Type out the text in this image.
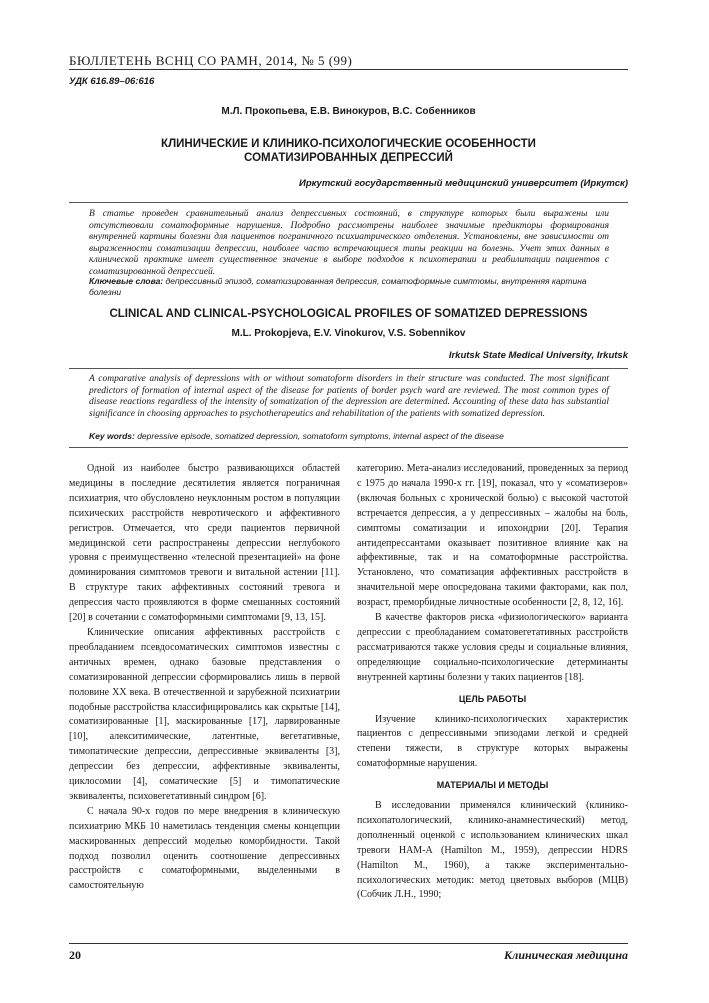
БЮЛЛЕТЕНЬ ВСНЦ СО РАМН, 2014, № 5 (99)
УДК 616.89–06:616
М.Л. Прокопьева, Е.В. Винокуров, В.С. Собенников
КЛИНИЧЕСКИЕ И КЛИНИКО-ПСИХОЛОГИЧЕСКИЕ ОСОБЕННОСТИ
СОМАТИЗИРОВАННЫХ ДЕПРЕССИЙ
Иркутский государственный медицинский университет (Иркутск)
В статье проведен сравнительный анализ депрессивных состояний, в структуре которых были выражены или отсутствовали соматоформные нарушения. Подробно рассмотрены наиболее значимые предикторы формирования внутренней картины болезни для пациентов пограничного психиатрического отделения. Установлены, вне зависимости от выраженности соматизации депрессии, наиболее часто встречающиеся типы реакции на болезнь. Учет этих данных в клинической практике имеет существенное значение в выборе подходов к психотерапии и реабилитации пациентов с соматизированной депрессией.
Ключевые слова: депрессивный эпизод, соматизированная депрессия, соматоформные симптомы, внутренняя картина болезни
CLINICAL AND CLINICAL-PSYCHOLOGICAL PROFILES OF SOMATIZED DEPRESSIONS
M.L. Prokopjeva, E.V. Vinokurov, V.S. Sobennikov
Irkutsk State Medical University, Irkutsk
A comparative analysis of depressions with or without somatoform disorders in their structure was conducted. The most significant predictors of formation of internal aspect of the disease for patients of border psych ward are reviewed. The most common types of disease reactions regardless of the intensity of somatization of the depression are determined. Accounting of these data has substantial significance in choosing approaches to psychotherapeutics and rehabilitation of the patients with somatized depression.
Key words: depressive episode, somatized depression, somatoform symptoms, internal aspect of the disease

Одной из наиболее быстро развивающихся областей медицины в последние десятилетия является пограничная психиатрия, что обусловлено неуклонным ростом в популяции психических расстройств невротического и аффективного регистров. Отмечается, что среди пациентов первичной медицинской сети распространены депрессии неглубокого уровня с преимущественно «телесной презентацией» на фоне доминирования симптомов тревоги и витальной астении [11]. В структуре таких аффективных состояний тревога и депрессия часто проявляются в форме смешанных состояний [20] в сочетании с соматоформными симптомами [9, 13, 15].

Клинические описания аффективных расстройств с преобладанием псевдосоматических симптомов известны с античных времен, однако базовые представления о соматизированной депрессии сформировались лишь в первой половине XX века. В отечественной и зарубежной психиатрии подобные расстройства классифицировались как скрытые [14], соматизированные [1], маскированные [17], ларвированные [10], алекситимические, латентные, вегетативные, тимопатические депрессии, депрессивные эквиваленты [3], депрессии без депрессии, аффективные эквиваленты, циклосомии [4], соматические [5] и тимопатические эквиваленты, психовегетативный синдром [6].

С начала 90-х годов по мере внедрения в клиническую психиатрию МКБ 10 наметилась тенденция смены концепции маскированных депрессий моделью коморбидности. Такой подход позволил оценить соотношение депрессивных расстройств с соматоформными, выделенными в самостоятельную

категорию. Мета-анализ исследований, проведенных за период с 1975 до начала 1990-х гг. [19], показал, что у «соматизеров» (включая больных с хронической болью) с высокой частотой встречается депрессия, а у депрессивных – жалобы на боль, симптомы соматизации и ипохондрии [20]. Терапия антидепрессантами оказывает позитивное влияние как на аффективные, так и на соматоформные расстройства. Установлено, что соматизация аффективных расстройств в значительной мере опосредована такими факторами, как пол, возраст, преморбидные личностные особенности [2, 8, 12, 16].

В качестве факторов риска «физиологического» варианта депрессии с преобладанием соматовегетативных расстройств рассматриваются также условия среды и социальные влияния, определяющие социально-психологические детерминанты внутренней картины болезни у таких пациентов [18].

ЦЕЛЬ РАБОТЫ

Изучение клинико-психологических характеристик пациентов с депрессивными эпизодами легкой и средней степени тяжести, в структуре которых выражены соматоформные нарушения.

МАТЕРИАЛЫ И МЕТОДЫ

В исследовании применялся клинический (клинико-психопатологический, клинико-анамнестический) метод, дополненный оценкой с использованием клинических шкал тревоги HAM-A (Hamilton M., 1959), депрессии HDRS (Hamilton M., 1960), а также экспериментально-психологических методик: метод цветовых выборов (МЦВ) (Собчик Л.Н., 1990;

20	Клиническая медицина
